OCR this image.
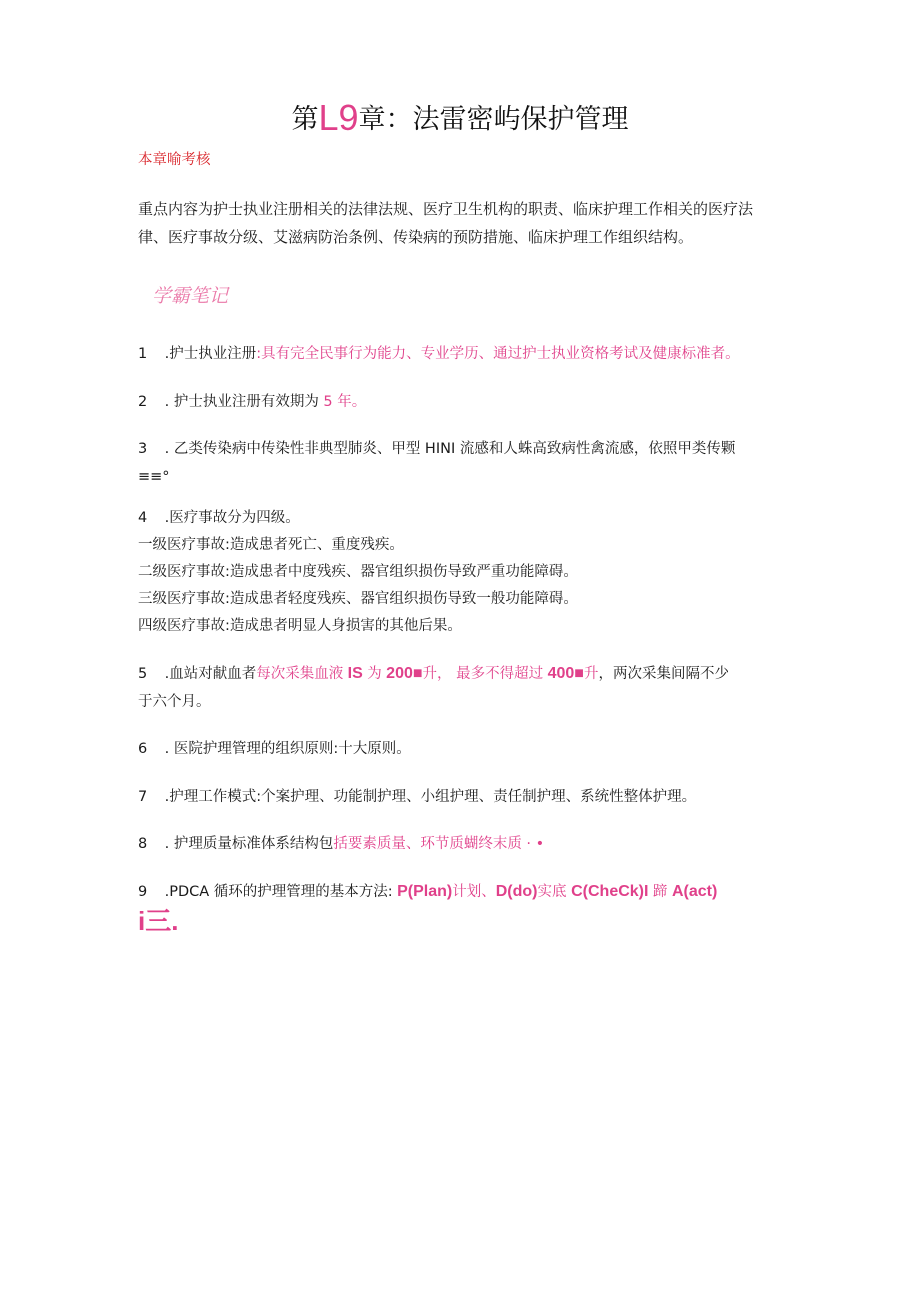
第L9章：法雷密屿保护管理
本章喻考核
重点内容为护士执业注册相关的法律法规、医疗卫生机构的职责、临床护理工作相关的医疗法
律、医疗事故分级、艾滋病防治条例、传染病的预防措施、临床护理工作组织结构。
学霸笔记
1 .护士执业注册:具有完全民事行为能力、专业学历、通过护士执业资格考试及健康标准者。
2 . 护士执业注册有效期为 5 年。
3 . 乙类传染病中传染性非典型肺炎、甲型 HINI 流感和人蛛高致病性禽流感，依照甲类传颗
≡≡°
4 .医疗事故分为四级。
一级医疗事故:造成患者死亡、重度残疾。
二级医疗事故:造成患者中度残疾、器官组织损伤导致严重功能障碍。
三级医疗事故:造成患者轻度残疾、器官组织损伤导致一般功能障碍。
四级医疗事故:造成患者明显人身损害的其他后果。
5 .血站对献血者每次采集血液 IS 为 200■升， 最多不得超过 400■升，两次采集间隔不少
于六个月。
6 . 医院护理管理的组织原则:十大原则。
7 .护理工作模式:个案护理、功能制护理、小组护理、责任制护理、系统性整体护理。
8 . 护理质量标准体系结构包括要素质量、环节质蝴终末质 · •
9 .PDCA 循环的护理管理的基本方法: P(Plan)计划、D(do)实底 C(CheCk)I 蹄 A(act)
i三.
